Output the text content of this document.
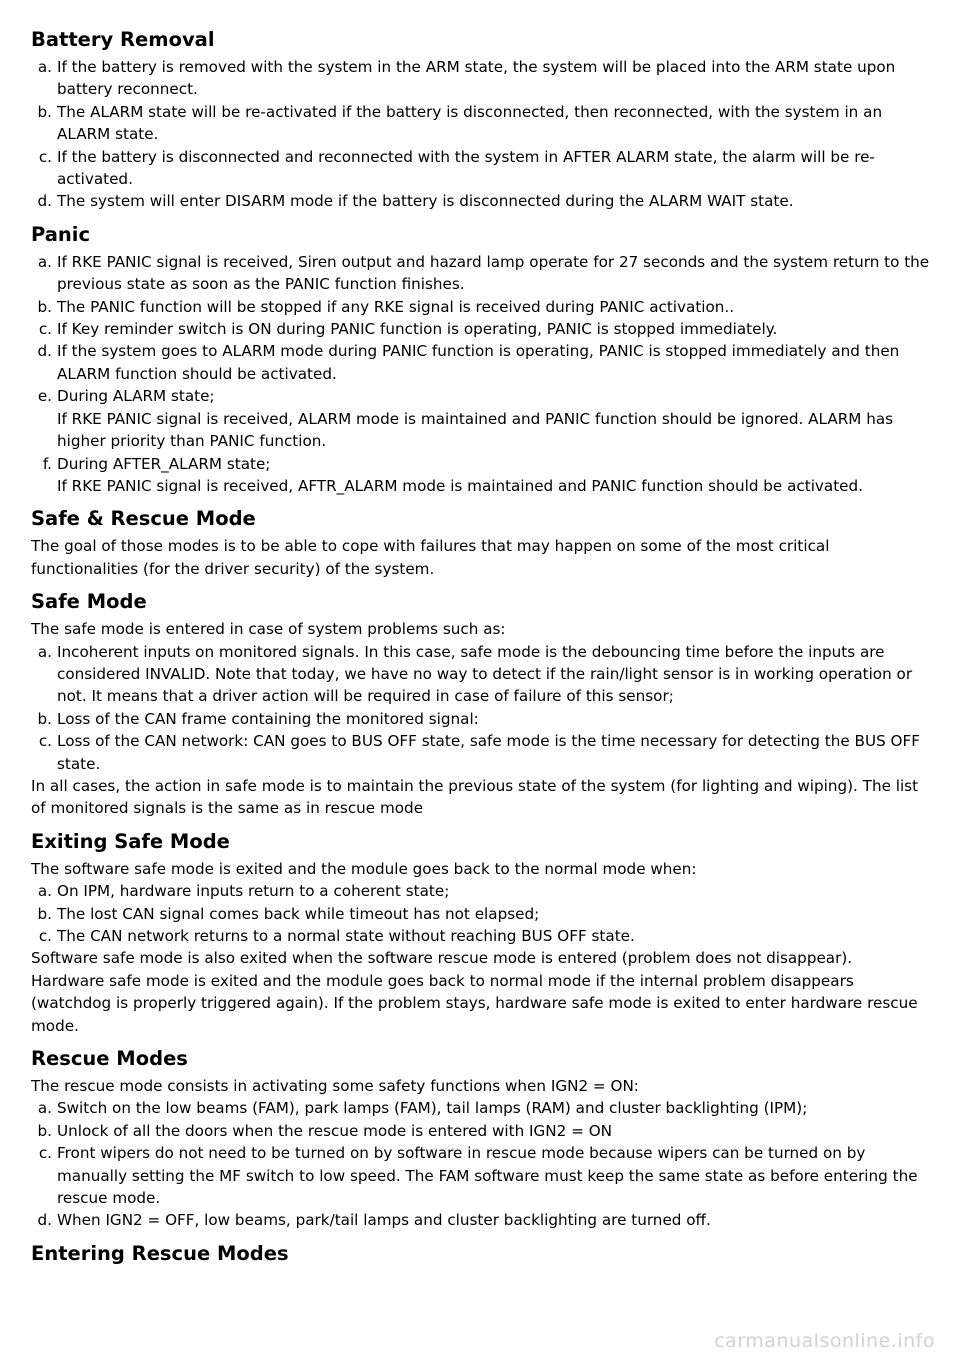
Battery Removal
a. If the battery is removed with the system in the ARM state, the system will be placed into the ARM state upon battery reconnect.
b. The ALARM state will be re-activated if the battery is disconnected, then reconnected, with the system in an ALARM state.
c. If the battery is disconnected and reconnected with the system in AFTER ALARM state, the alarm will be re-activated.
d. The system will enter DISARM mode if the battery is disconnected during the ALARM WAIT state.
Panic
a. If RKE PANIC signal is received, Siren output and hazard lamp operate for 27 seconds and the system return to the previous state as soon as the PANIC function finishes.
b. The PANIC function will be stopped if any RKE signal is received during PANIC activation..
c. If Key reminder switch is ON during PANIC function is operating, PANIC is stopped immediately.
d. If the system goes to ALARM mode during PANIC function is operating, PANIC is stopped immediately and then ALARM function should be activated.
e. During ALARM state;
If RKE PANIC signal is received, ALARM mode is maintained and PANIC function should be ignored. ALARM has higher priority than PANIC function.
f. During AFTER_ALARM state;
If RKE PANIC signal is received, AFTR_ALARM mode is maintained and PANIC function should be activated.
Safe & Rescue Mode

The goal of those modes is to be able to cope with failures that may happen on some of the most critical functionalities (for the driver security) of the system.

Safe Mode

The safe mode is entered in case of system problems such as:

a. Incoherent inputs on monitored signals. In this case, safe mode is the debouncing time before the inputs are considered INVALID. Note that today, we have no way to detect if the rain/light sensor is in working operation or not. It means that a driver action will be required in case of failure of this sensor;
b. Loss of the CAN frame containing the monitored signal:
c. Loss of the CAN network: CAN goes to BUS OFF state, safe mode is the time necessary for detecting the BUS OFF state.

In all cases, the action in safe mode is to maintain the previous state of the system (for lighting and wiping). The list of monitored signals is the same as in rescue mode

Exiting Safe Mode

The software safe mode is exited and the module goes back to the normal mode when:

a. On IPM, hardware inputs return to a coherent state;
b. The lost CAN signal comes back while timeout has not elapsed;
c. The CAN network returns to a normal state without reaching BUS OFF state.

Software safe mode is also exited when the software rescue mode is entered (problem does not disappear).

Hardware safe mode is exited and the module goes back to normal mode if the internal problem disappears (watchdog is properly triggered again). If the problem stays, hardware safe mode is exited to enter hardware rescue mode.

Rescue Modes

The rescue mode consists in activating some safety functions when IGN2 = ON:

a. Switch on the low beams (FAM), park lamps (FAM), tail lamps (RAM) and cluster backlighting (IPM);
b. Unlock of all the doors when the rescue mode is entered with IGN2 = ON
c. Front wipers do not need to be turned on by software in rescue mode because wipers can be turned on by manually setting the MF switch to low speed. The FAM software must keep the same state as before entering the rescue mode.
d. When IGN2 = OFF, low beams, park/tail lamps and cluster backlighting are turned off.
Entering Rescue Modes
carmanualsonline.info
